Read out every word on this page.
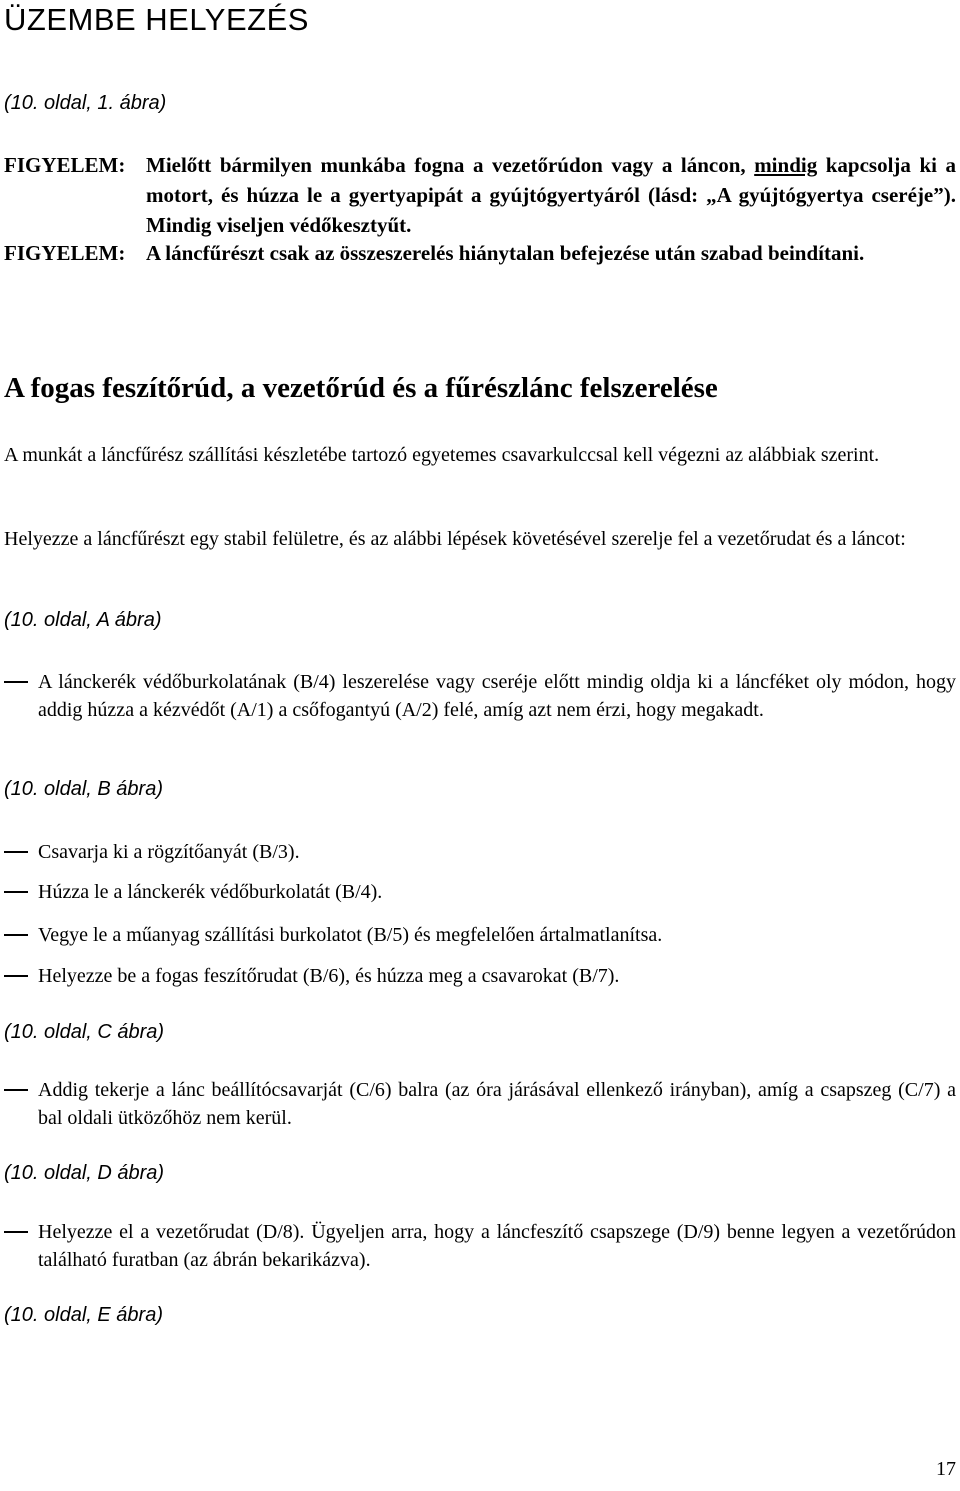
ÜZEMBE HELYEZÉS
(10. oldal, 1. ábra)
FIGYELEM: Mielőtt bármilyen munkába fogna a vezetőrúdon vagy a láncon, mindig kapcsolja ki a motort, és húzza le a gyertyapipát a gyújtógyertyáról (lásd: „A gyújtógyertya cseréje”). Mindig viseljen védőkesztyűt.
FIGYELEM: A láncfűrészt csak az összeszerelés hiánytalan befejezése után szabad beindítani.
A fogas feszítőrúd, a vezetőrúd és a fűrészlánc felszerelése

A munkát a láncfűrész szállítási készletébe tartozó egyetemes csavarkulccsal kell végezni az alábbiak szerint.

Helyezze a láncfűrészt egy stabil felületre, és az alábbi lépések követésével szerelje fel a vezetőrudat és a láncot:

(10. oldal, A ábra)
A lánckerék védőburkolatának (B/4) leszerelése vagy cseréje előtt mindig oldja ki a láncféket oly módon, hogy addig húzza a kézvédőt (A/1) a csőfogantyú (A/2) felé, amíg azt nem érzi, hogy megakadt.
(10. oldal, B ábra)
Csavarja ki a rögzítőanyát (B/3).
Húzza le a lánckerék védőburkolatát (B/4).
Vegye le a műanyag szállítási burkolatot (B/5) és megfelelően ártalmatlanítsa.
Helyezze be a fogas feszítőrudat (B/6), és húzza meg a csavarokat (B/7).
(10. oldal, C ábra)
Addig tekerje a lánc beállítócsavarját (C/6) balra (az óra járásával ellenkező irányban), amíg a csapszeg (C/7) a bal oldali ütközőhöz nem kerül.
(10. oldal, D ábra)
Helyezze el a vezetőrudat (D/8). Ügyeljen arra, hogy a láncfeszítő csapszege (D/9) benne legyen a vezetőrúdon található furatban (az ábrán bekarikázva).
(10. oldal, E ábra)
17
